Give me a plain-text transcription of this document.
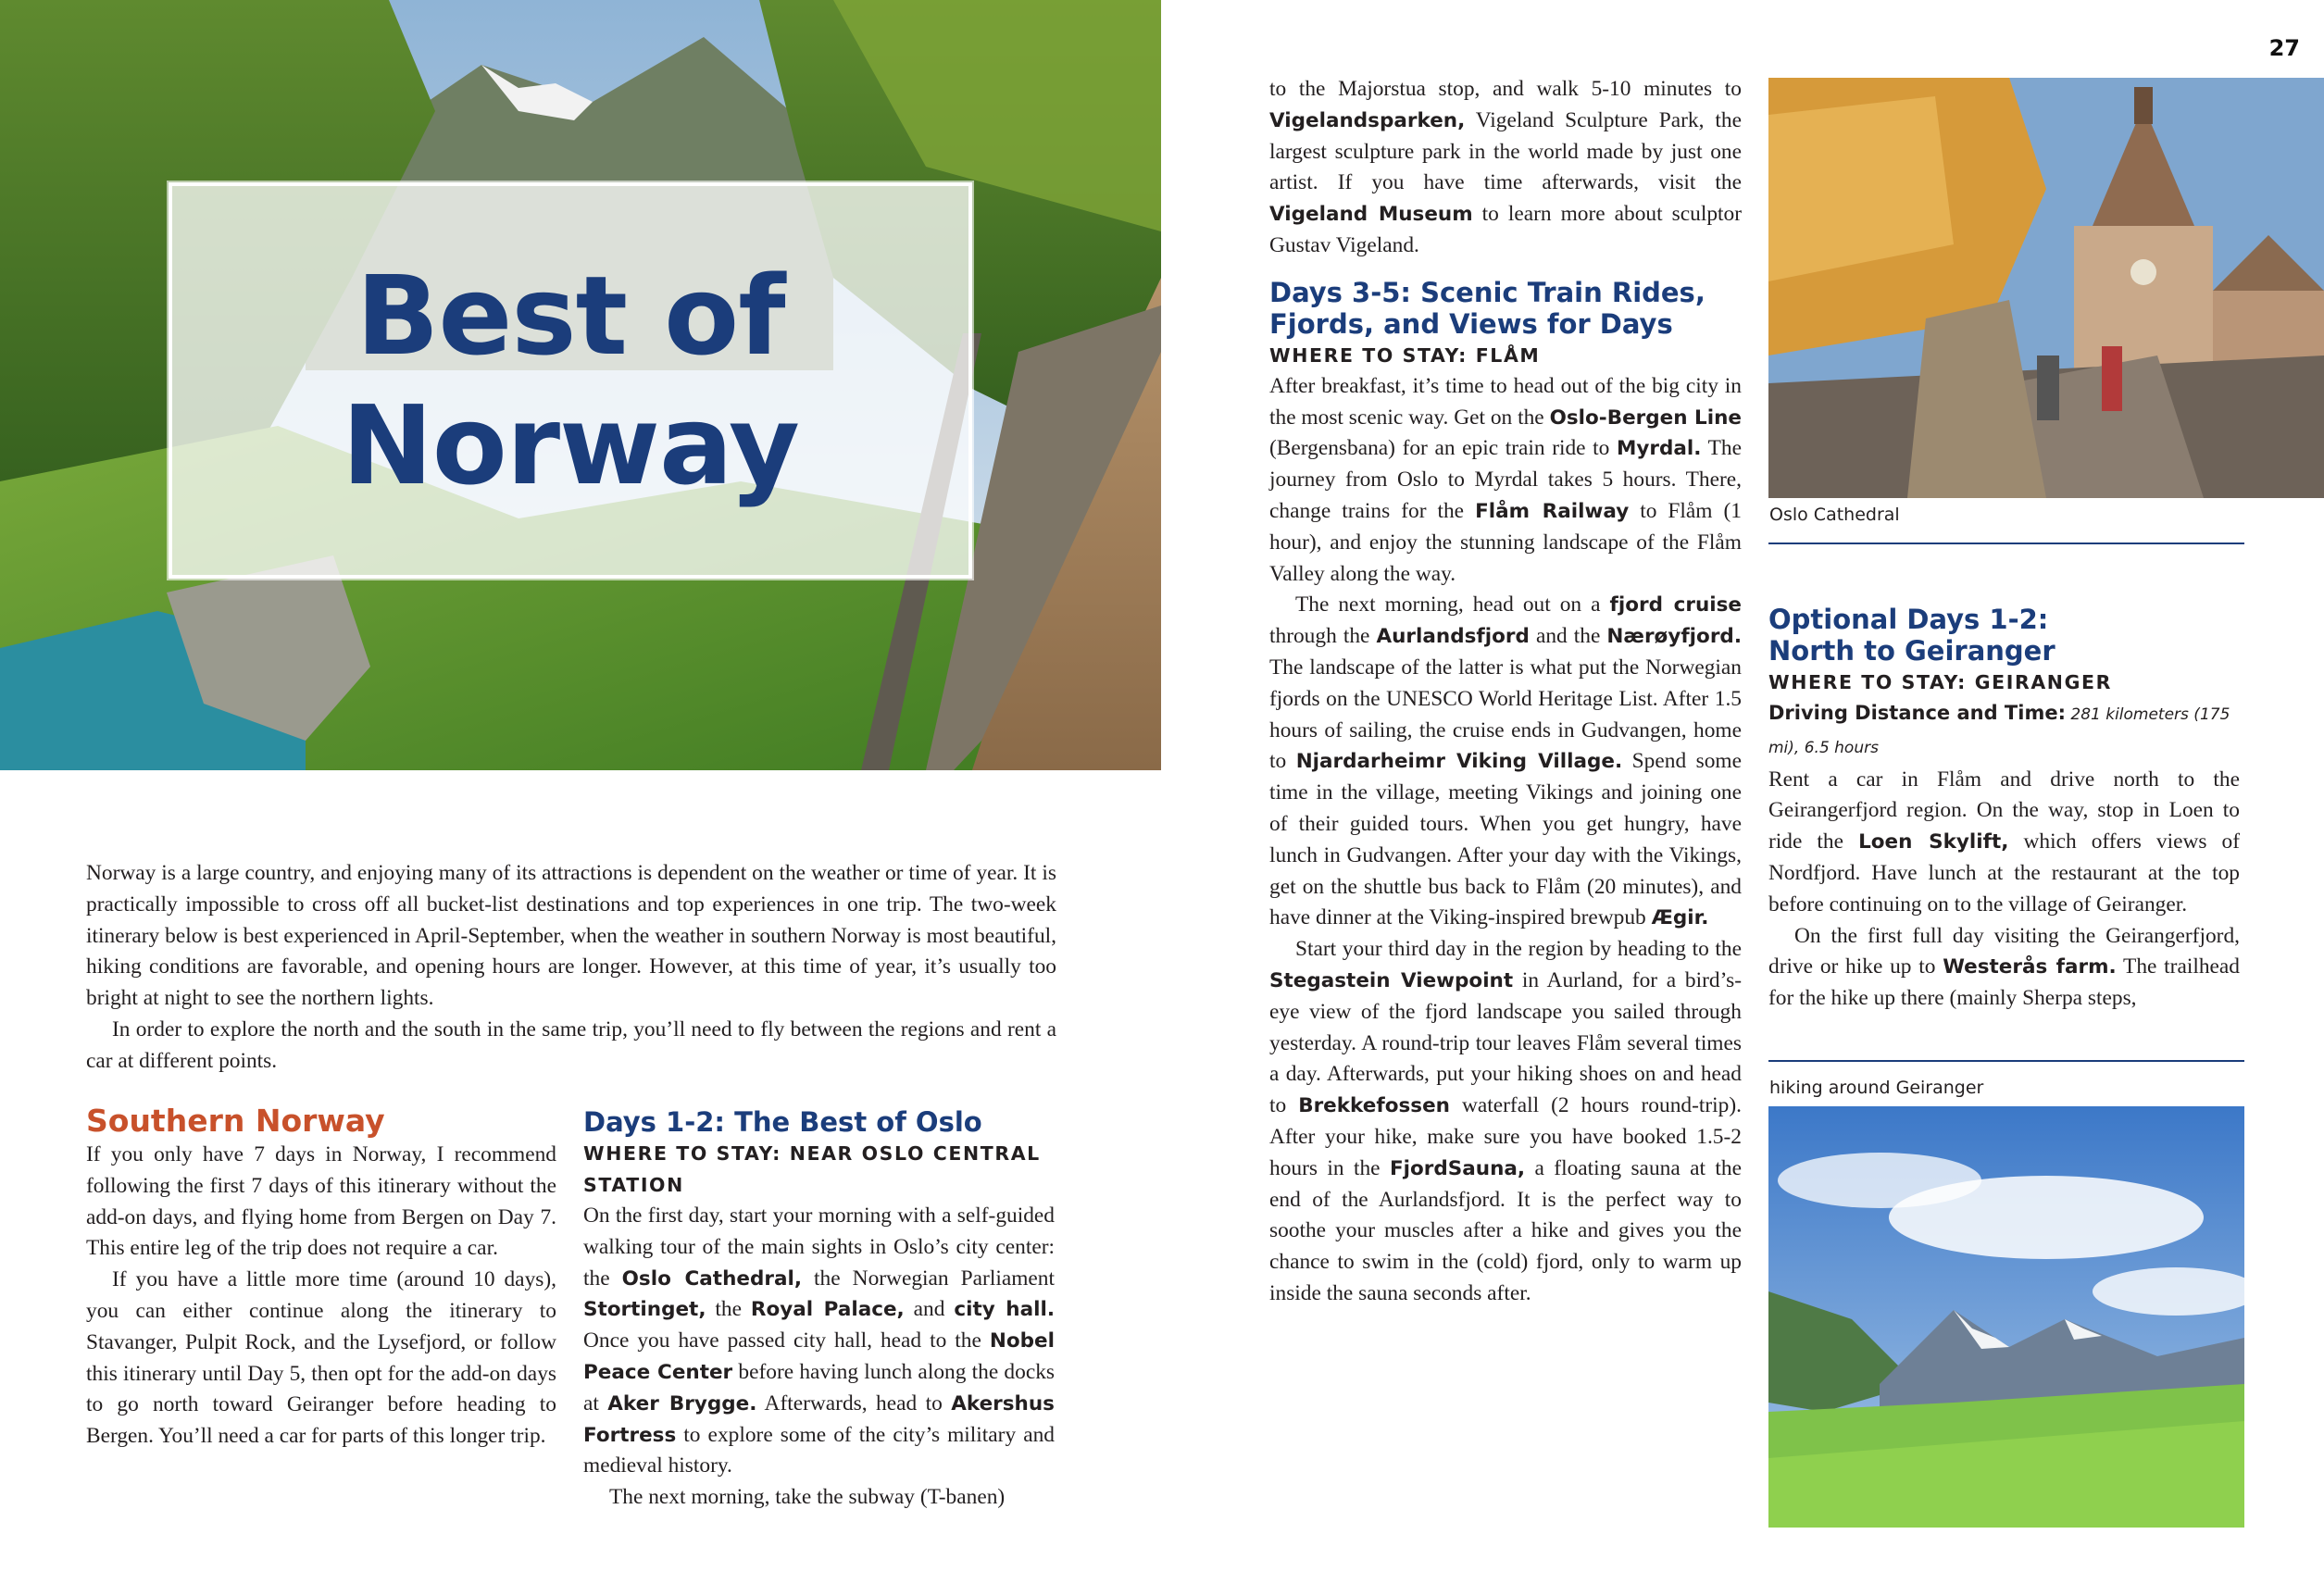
27
Best of
Norway

Norway is a large country, and enjoying many of its attractions is dependent on the weather or time of year. It is practically impossible to cross off all bucket-list destinations and top experiences in one trip. The two-week itinerary below is best experienced in April-September, when the weather in southern Norway is most beautiful, hiking conditions are favorable, and opening hours are longer. However, at this time of year, it’s usually too bright at night to see the northern lights.

In order to explore the north and the south in the same trip, you’ll need to fly between the regions and rent a car at different points.

Southern Norway

If you only have 7 days in Norway, I recommend following the first 7 days of this itinerary without the add-on days, and flying home from Bergen on Day 7. This entire leg of the trip does not require a car.

If you have a little more time (around 10 days), you can either continue along the itinerary to Stavanger, Pulpit Rock, and the Lysefjord, or follow this itinerary until Day 5, then opt for the add-on days to go north toward Geiranger before heading to Bergen. You’ll need a car for parts of this longer trip.

Days 1-2: The Best of Oslo

WHERE TO STAY: NEAR OSLO CENTRAL STATION

On the first day, start your morning with a self-guided walking tour of the main sights in Oslo’s city center: the Oslo Cathedral, the Norwegian Parliament Stortinget, the Royal Palace, and city hall. Once you have passed city hall, head to the Nobel Peace Center before having lunch along the docks at Aker Brygge. Afterwards, head to Akershus Fortress to explore some of the city’s military and medieval history.

The next morning, take the subway (T-banen)

to the Majorstua stop, and walk 5-10 minutes to Vigelandsparken, Vigeland Sculpture Park, the largest sculpture park in the world made by just one artist. If you have time afterwards, visit the Vigeland Museum to learn more about sculptor Gustav Vigeland.

Days 3-5: Scenic Train Rides, Fjords, and Views for Days

WHERE TO STAY: FLÅM

After breakfast, it’s time to head out of the big city in the most scenic way. Get on the Oslo-Bergen Line (Bergensbana) for an epic train ride to Myrdal. The journey from Oslo to Myrdal takes 5 hours. There, change trains for the Flåm Railway to Flåm (1 hour), and enjoy the stunning landscape of the Flåm Valley along the way.

The next morning, head out on a fjord cruise through the Aurlandsfjord and the Nærøyfjord. The landscape of the latter is what put the Norwegian fjords on the UNESCO World Heritage List. After 1.5 hours of sailing, the cruise ends in Gudvangen, home to Njardarheimr Viking Village. Spend some time in the village, meeting Vikings and joining one of their guided tours. When you get hungry, have lunch in Gudvangen. After your day with the Vikings, get on the shuttle bus back to Flåm (20 minutes), and have dinner at the Viking-inspired brewpub Ægir.

Start your third day in the region by heading to the Stegastein Viewpoint in Aurland, for a bird’s-eye view of the fjord landscape you sailed through yesterday. A round-trip tour leaves Flåm several times a day. Afterwards, put your hiking shoes on and head to Brekkefossen waterfall (2 hours round-trip). After your hike, make sure you have booked 1.5-2 hours in the FjordSauna, a floating sauna at the end of the Aurlandsfjord. It is the perfect way to soothe your muscles after a hike and gives you the chance to swim in the (cold) fjord, only to warm up inside the sauna seconds after.

Oslo Cathedral

Optional Days 1-2:
North to Geiranger

WHERE TO STAY: GEIRANGER

Driving Distance and Time: 281 kilometers (175 mi), 6.5 hours

Rent a car in Flåm and drive north to the Geirangerfjord region. On the way, stop in Loen to ride the Loen Skylift, which offers views of Nordfjord. Have lunch at the restaurant at the top before continuing on to the village of Geiranger.

On the first full day visiting the Geirangerfjord, drive or hike up to Westerås farm. The trailhead for the hike up there (mainly Sherpa steps,

hiking around Geiranger
